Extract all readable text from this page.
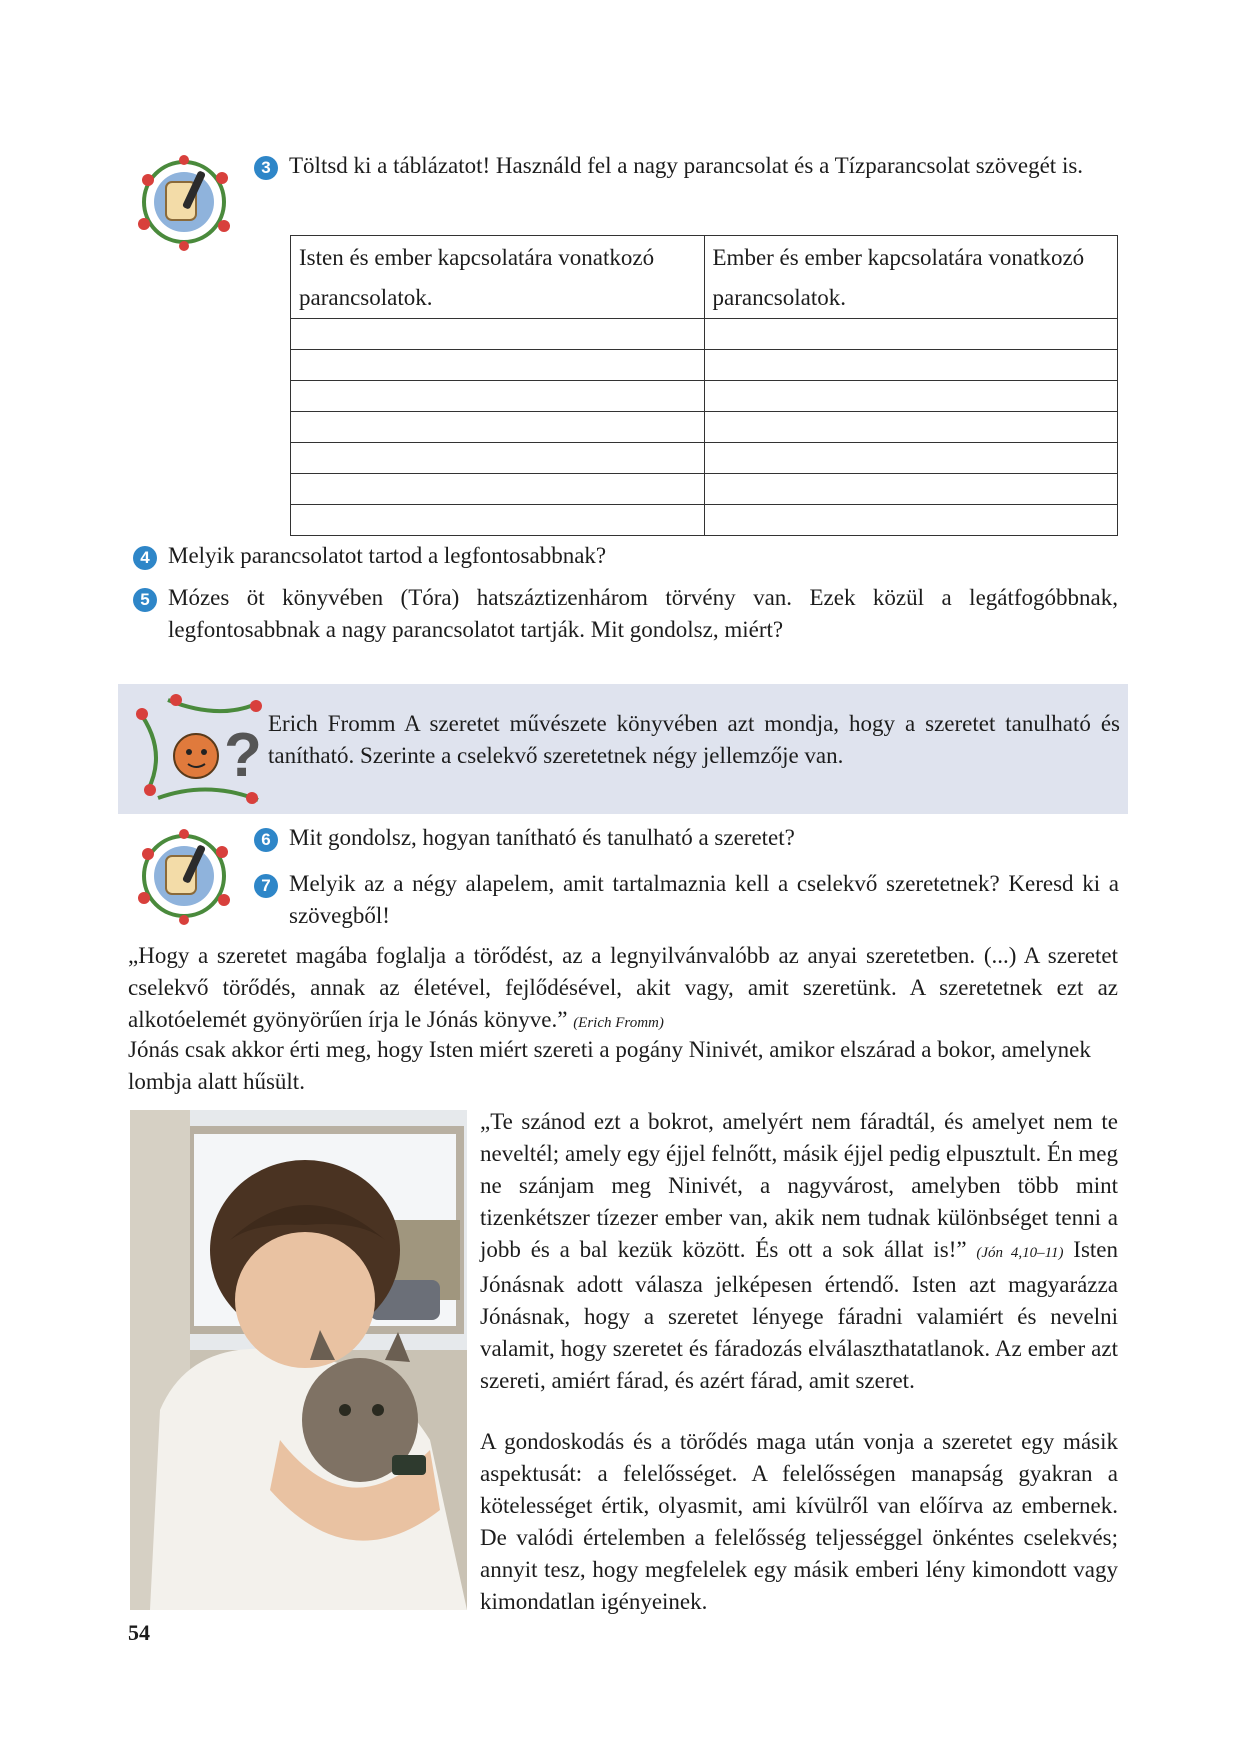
3 Töltsd ki a táblázatot! Használd fel a nagy parancsolat és a Tízparancsolat szövegét is.
Isten és ember kapcsolatára vonatkozó parancsolatok.	Ember és ember kapcsolatára vonatkozó parancsolatok.

4 Melyik parancsolatot tartod a legfontosabbnak?
5 Mózes öt könyvében (Tóra) hatszáztizenhárom törvény van. Ezek közül a legátfogóbbnak, legfontosabbnak a nagy parancsolatot tartják. Mit gondolsz, miért?
? Erich Fromm A szeretet művészete könyvében azt mondja, hogy a szeretet tanulható és tanítható. Szerinte a cselekvő szeretetnek négy jellemzője van.
6 Mit gondolsz, hogyan tanítható és tanulható a szeretet?
7 Melyik az a négy alapelem, amit tartalmaznia kell a cselekvő szeretetnek? Keresd ki a szövegből!
„Hogy a szeretet magába foglalja a törődést, az a legnyilvánvalóbb az anyai szeretetben. (...) A szeretet cselekvő törődés, annak az életével, fejlődésével, akit vagy, amit szeretünk. A szeretetnek ezt az alkotóelemét gyönyörűen írja le Jónás könyve.” (Erich Fromm)
Jónás csak akkor érti meg, hogy Isten miért szereti a pogány Ninivét, amikor elszárad a bokor, amelynek lombja alatt hűsült.
„Te szánod ezt a bokrot, amelyért nem fáradtál, és amelyet nem te neveltél; amely egy éjjel felnőtt, másik éjjel pedig elpusztult. Én meg ne szánjam meg Ninivét, a nagyvárost, amelyben több mint tizenkétszer tízezer ember van, akik nem tudnak különbséget tenni a jobb és a bal kezük között. És ott a sok állat is!” (Jón 4,10–11) Isten Jónásnak adott válasza jelképesen értendő. Isten azt magyarázza Jónásnak, hogy a szeretet lényege fáradni valamiért és nevelni valamit, hogy szeretet és fáradozás elválaszthatatlanok. Az ember azt szereti, amiért fárad, és azért fárad, amit szeret.
A gondoskodás és a törődés maga után vonja a szeretet egy másik aspektusát: a felelősséget. A felelősségen manapság gyakran a kötelességet értik, olyasmit, ami kívülről van előírva az embernek. De valódi értelemben a felelősség teljességgel önkéntes cselekvés; annyit tesz, hogy megfelelek egy másik emberi lény kimondott vagy kimondatlan igényeinek.
54
